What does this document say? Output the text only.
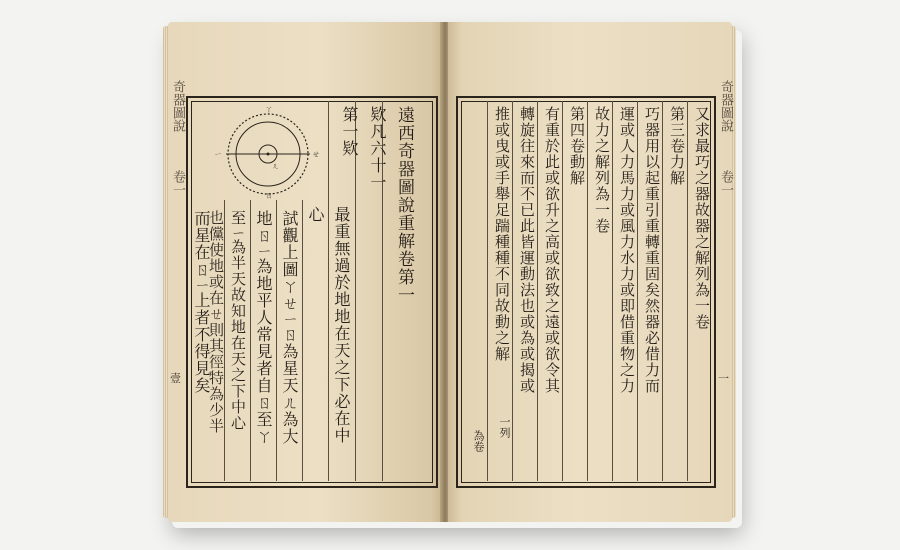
奇器圖說
卷一
壹
遠西奇器圖說重解卷第一
欵凡六十一
第一欵
最重無過於地地在天之下必在中
心
試觀上圖ㄚㄝㄧㄖ為星天ㄦ為大
地ㄖㄧ為地平人常見者自ㄖ至ㄚ
至ㄧ為半天故知地在天之下中心
也儻使地或在ㄝ則其徑特為少半
而星在ㄖㄧ上者不得見矣
ㄚ
ㄝ
ㄧ
ㄖ
ㄦ
奇器圖說
卷一
一
又求最巧之器故器之解列為一卷
第三卷力解
巧器用以起重引重轉重固矣然器必借力而
運或人力馬力或風力水力或即借重物之力
故力之解列為一卷
第四卷動解
有重於此或欲升之高或欲致之遠或欲令其
轉旋往來而不已此皆運動法也或為或揭或
推或曳或手舉足踹種種不同故動之解
一列
為卷
